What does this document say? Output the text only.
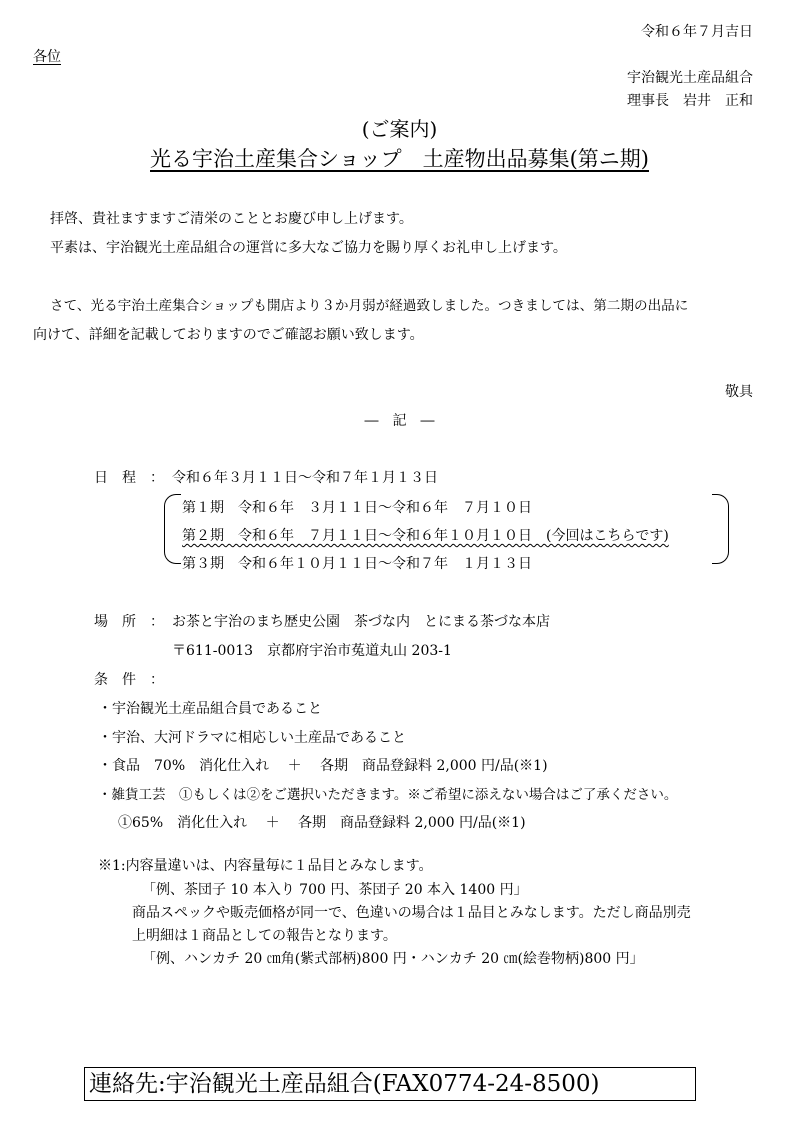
令和６年７月吉日
各位
宇治観光土産品組合
理事長　岩井　正和
(ご案内)
光る宇治土産集合ショップ　土産物出品募集(第ニ期)
拝啓、貴社ますますご清栄のこととお慶び申し上げます。
平素は、宇治観光土産品組合の運営に多大なご協力を賜り厚くお礼申し上げます。
さて、光る宇治土産集合ショップも開店より３か月弱が経過致しました。つきましては、第二期の出品に
向けて、詳細を記載しておりますのでご確認お願い致します。
敬具
―　記　―
日　程　： 令和６年３月１１日～令和７年１月１３日
第１期　令和６年　３月１１日～令和６年　７月１０日
第２期　令和６年　７月１１日～令和６年１０月１０日　(今回はこちらです)
第３期　令和６年１０月１１日～令和７年　１月１３日
場　所　： お茶と宇治のまち歴史公園　茶づな内　とにまる茶づな本店
〒611-0013　京都府宇治市菟道丸山 203-1
条　件　：
・宇治観光土産品組合員であること
・宇治、大河ドラマに相応しい土産品であること
・食品　70%　消化仕入れ　 ＋　 各期　商品登録料 2,000 円/品(※1)
・雑貨工芸　①もしくは②をご選択いただきます。※ご希望に添えない場合はご了承ください。
①65%　消化仕入れ　 ＋　 各期　商品登録料 2,000 円/品(※1)
※1:内容量違いは、内容量毎に１品目とみなします。
「例、茶団子 10 本入り 700 円、茶団子 20 本入 1400 円」
商品スペックや販売価格が同一で、色違いの場合は１品目とみなします。ただし商品別売
上明細は１商品としての報告となります。
「例、ハンカチ 20 ㎝角(紫式部柄)800 円・ハンカチ 20 ㎝(絵巻物柄)800 円」
連絡先:宇治観光土産品組合(FAX0774-24-8500)
